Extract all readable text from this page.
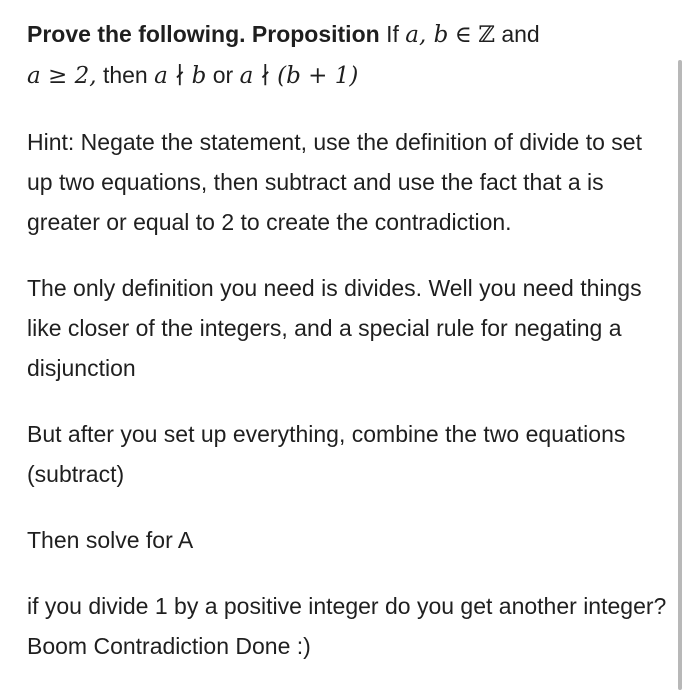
Prove the following. Proposition If a, b ∈ ℤ and
a ≥ 2, then a ∤ b or a ∤ (b + 1)

Hint: Negate the statement, use the definition of divide to set up two equations, then subtract and use the fact that a is greater or equal to 2 to create the contradiction.

The only definition you need is divides. Well you need things like closer of the integers, and a special rule for negating a disjunction

But after you set up everything, combine the two equations (subtract)

Then solve for A

if you divide 1 by a positive integer do you get another integer? Boom Contradiction Done :)
